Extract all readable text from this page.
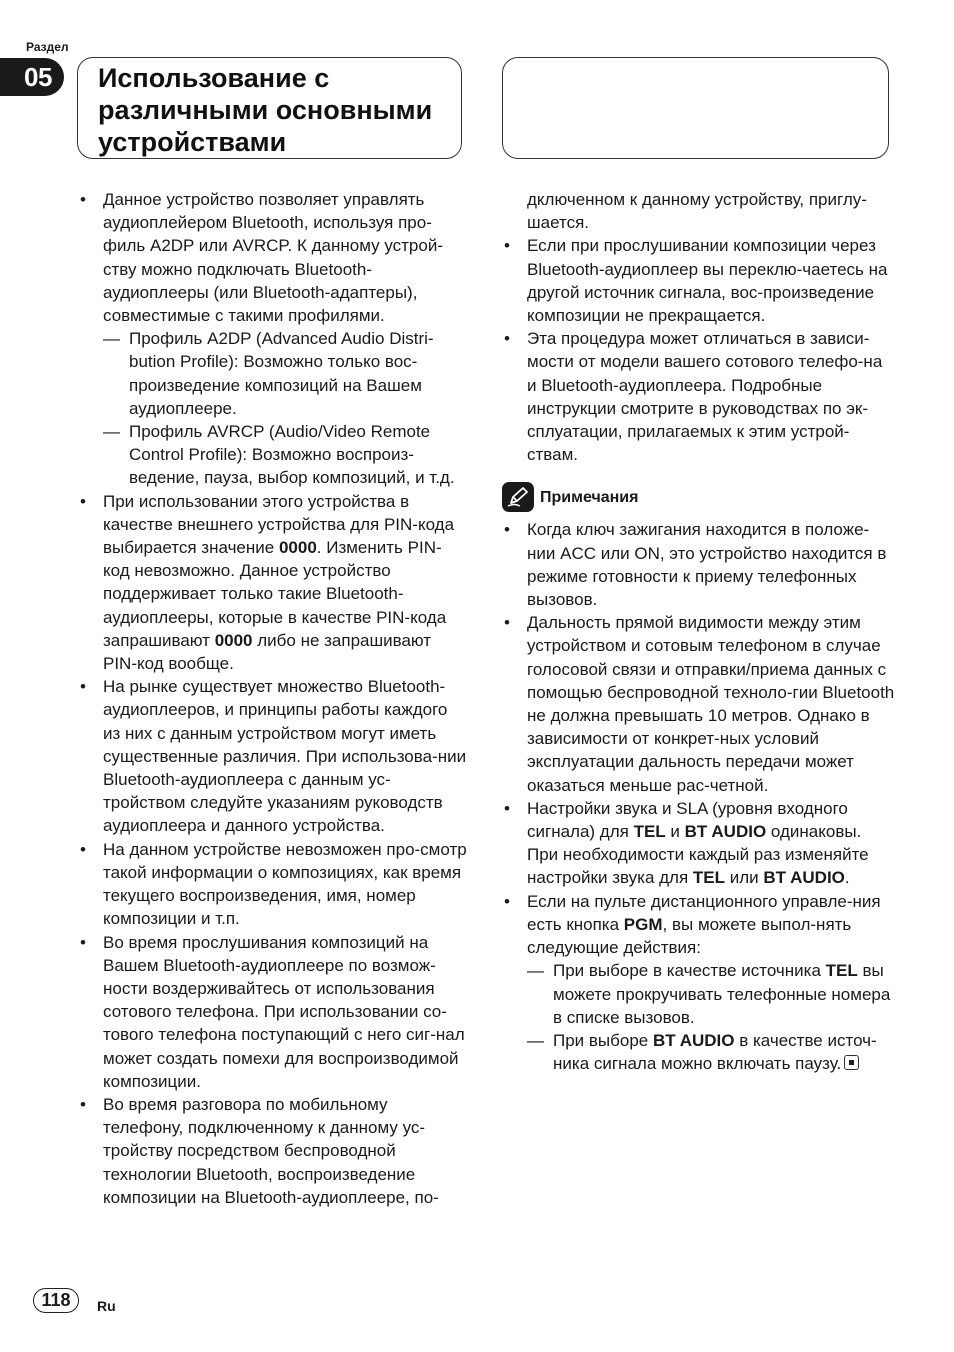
Раздел
05	Использование с
различными основными
устройствами
•	Данное устройство позволяет управлять аудиоплейером Bluetooth, используя про-филь A2DP или AVRCP. К данному устрой-ству можно подключать Bluetooth-аудиоплееры (или Bluetooth-адаптеры), совместимые с такими профилями.
— Профиль A2DP (Advanced Audio Distri-bution Profile): Возможно только вос-произведение композиций на Вашем аудиоплеере.
— Профиль AVRCP (Audio/Video Remote Control Profile): Возможно воспроиз-ведение, пауза, выбор композиций, и т.д.
•	При использовании этого устройства в качестве внешнего устройства для PIN-кода выбирается значение 0000. Изменить PIN-код невозможно. Данное устройство поддерживает только такие Bluetooth-аудиоплееры, которые в качестве PIN-кода запрашивают 0000 либо не запрашивают PIN-код вообще.
•	На рынке существует множество Bluetooth-аудиоплееров, и принципы работы каждого из них с данным устройством могут иметь существенные различия. При использова-нии Bluetooth-аудиоплеера с данным ус-тройством следуйте указаниям руководств аудиоплеера и данного устройства.
•	На данном устройстве невозможен про-смотр такой информации о композициях, как время текущего воспроизведения, имя, номер композиции и т.п.
•	Во время прослушивания композиций на Вашем Bluetooth-аудиоплеере по возмож-ности воздерживайтесь от использования сотового телефона. При использовании со-тового телефона поступающий с него сиг-нал может создать помехи для воспроизводимой композиции.
•	Во время разговора по мобильному телефону, подключенному к данному ус-тройству посредством беспроводной технологии Bluetooth, воспроизведение композиции на Bluetooth-аудиоплеере, по-
дключенном к данному устройству, приглу-шается.
•	Если при прослушивании композиции через Bluetooth-аудиоплеер вы переклю-чаетесь на другой источник сигнала, вос-произведение композиции не прекращается.
•	Эта процедура может отличаться в зависи-мости от модели вашего сотового телефо-на и Bluetooth-аудиоплеера. Подробные инструкции смотрите в руководствах по эк-сплуатации, прилагаемых к этим устрой-ствам.
Примечания
•	Когда ключ зажигания находится в положе-нии ACC или ON, это устройство находится в режиме готовности к приему телефонных вызовов.
•	Дальность прямой видимости между этим устройством и сотовым телефоном в случае голосовой связи и отправки/приема данных с помощью беспроводной техноло-гии Bluetooth не должна превышать 10 метров. Однако в зависимости от конкрет-ных условий эксплуатации дальность передачи может оказаться меньше рас-четной.
•	Настройки звука и SLA (уровня входного сигнала) для TEL и BT AUDIO одинаковы. При необходимости каждый раз изменяйте настройки звука для TEL или BT AUDIO.
•	Если на пульте дистанционного управле-ния есть кнопка PGM, вы можете выпол-нять следующие действия:
— При выборе в качестве источника TEL вы можете прокручивать телефонные номера в списке вызовов.
— При выборе BT AUDIO в качестве источ-ника сигнала можно включать паузу.
118	Ru
